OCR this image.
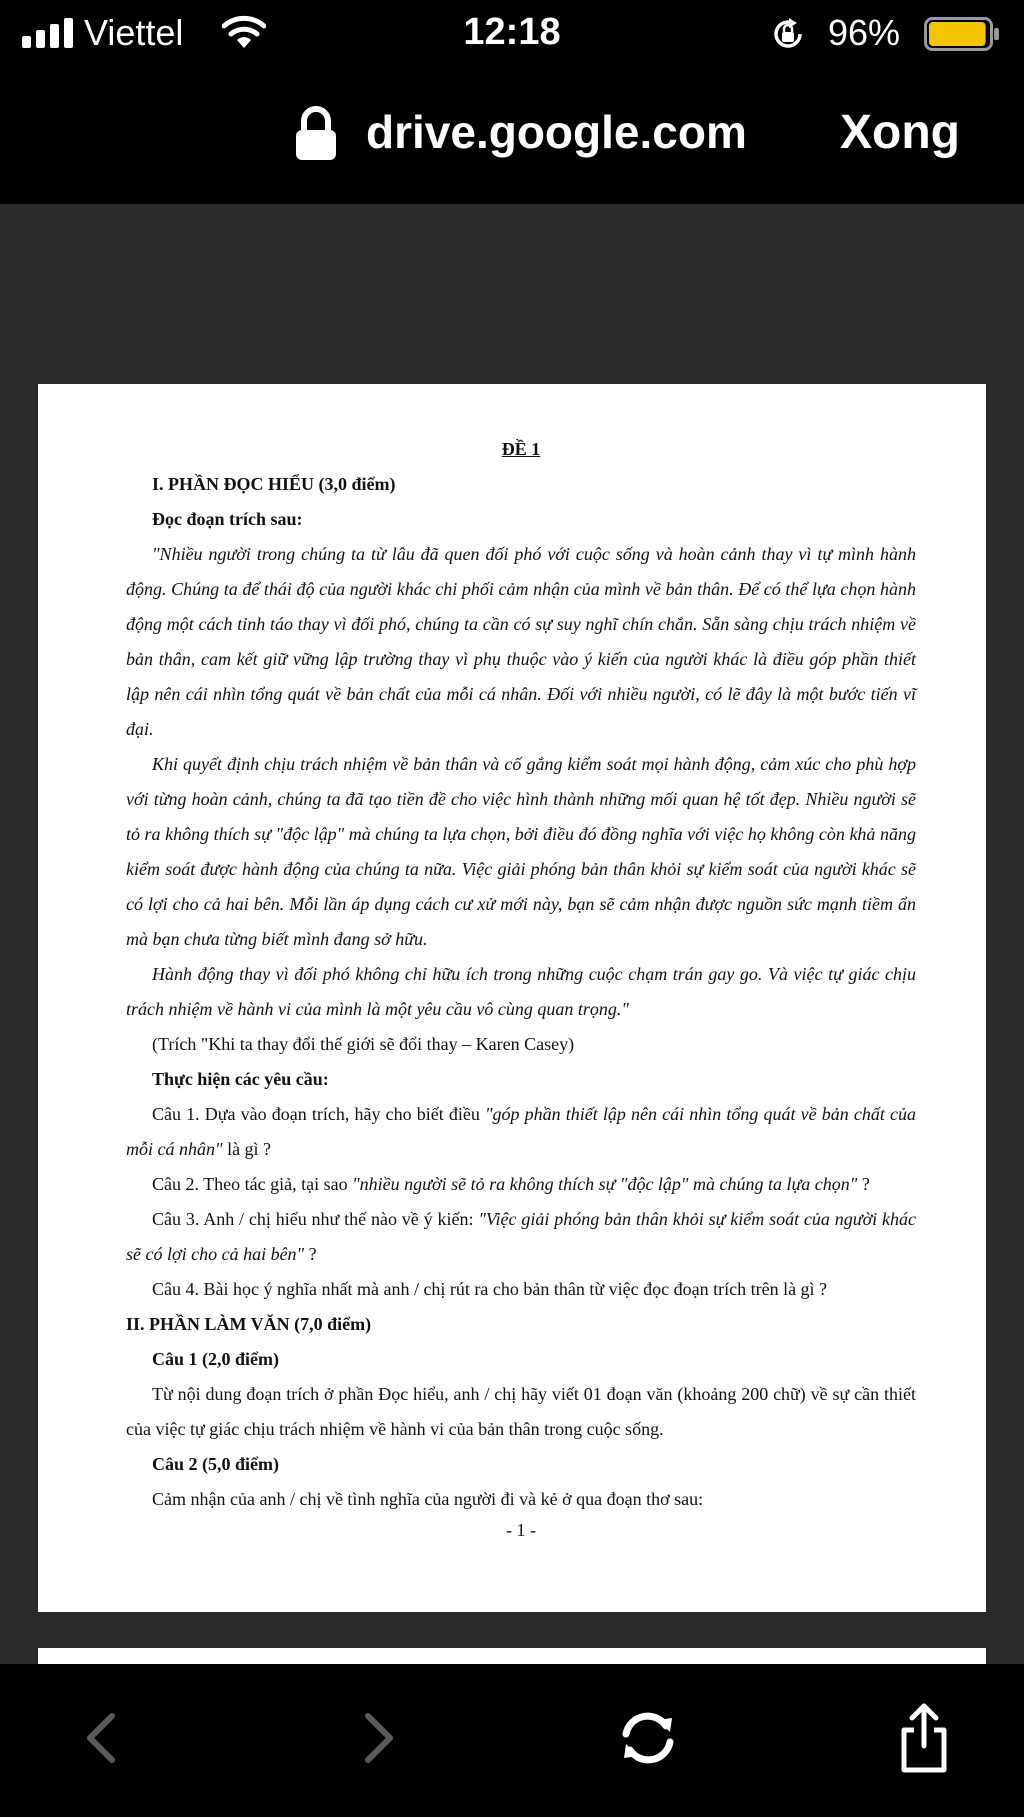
Viettel	12:18	96%
drive.google.com Xong

ĐỀ 1

I. PHẦN ĐỌC HIỂU (3,0 điểm)

Đọc đoạn trích sau:

"Nhiều người trong chúng ta từ lâu đã quen đối phó với cuộc sống và hoàn cảnh thay vì tự mình hành động. Chúng ta để thái độ của người khác chi phối cảm nhận của mình về bản thân. Để có thể lựa chọn hành động một cách tỉnh táo thay vì đối phó, chúng ta cần có sự suy nghĩ chín chắn. Sẵn sàng chịu trách nhiệm về bản thân, cam kết giữ vững lập trường thay vì phụ thuộc vào ý kiến của người khác là điều góp phần thiết lập nên cái nhìn tổng quát về bản chất của mỗi cá nhân. Đối với nhiều người, có lẽ đây là một bước tiến vĩ đại.

Khi quyết định chịu trách nhiệm về bản thân và cố gắng kiểm soát mọi hành động, cảm xúc cho phù hợp với từng hoàn cảnh, chúng ta đã tạo tiền đề cho việc hình thành những mối quan hệ tốt đẹp. Nhiều người sẽ tỏ ra không thích sự "độc lập" mà chúng ta lựa chọn, bởi điều đó đồng nghĩa với việc họ không còn khả năng kiểm soát được hành động của chúng ta nữa. Việc giải phóng bản thân khỏi sự kiểm soát của người khác sẽ có lợi cho cả hai bên. Mỗi lần áp dụng cách cư xử mới này, bạn sẽ cảm nhận được nguồn sức mạnh tiềm ẩn mà bạn chưa từng biết mình đang sở hữu.

Hành động thay vì đối phó không chỉ hữu ích trong những cuộc chạm trán gay go. Và việc tự giác chịu trách nhiệm về hành vi của mình là một yêu cầu vô cùng quan trọng."

(Trích "Khi ta thay đổi thế giới sẽ đổi thay – Karen Casey)

Thực hiện các yêu cầu:

Câu 1. Dựa vào đoạn trích, hãy cho biết điều "góp phần thiết lập nên cái nhìn tổng quát về bản chất của mỗi cá nhân" là gì ?

Câu 2. Theo tác giả, tại sao "nhiều người sẽ tỏ ra không thích sự "độc lập" mà chúng ta lựa chọn" ?

Câu 3. Anh / chị hiểu như thế nào về ý kiến: "Việc giải phóng bản thân khỏi sự kiểm soát của người khác sẽ có lợi cho cả hai bên" ?

Câu 4. Bài học ý nghĩa nhất mà anh / chị rút ra cho bản thân từ việc đọc đoạn trích trên là gì ?

II. PHẦN LÀM VĂN (7,0 điểm)

Câu 1 (2,0 điểm)

Từ nội dung đoạn trích ở phần Đọc hiểu, anh / chị hãy viết 01 đoạn văn (khoảng 200 chữ) về sự cần thiết của việc tự giác chịu trách nhiệm về hành vi của bản thân trong cuộc sống.

Câu 2 (5,0 điểm)

Cảm nhận của anh / chị về tình nghĩa của người đi và kẻ ở qua đoạn thơ sau:

- 1 -
